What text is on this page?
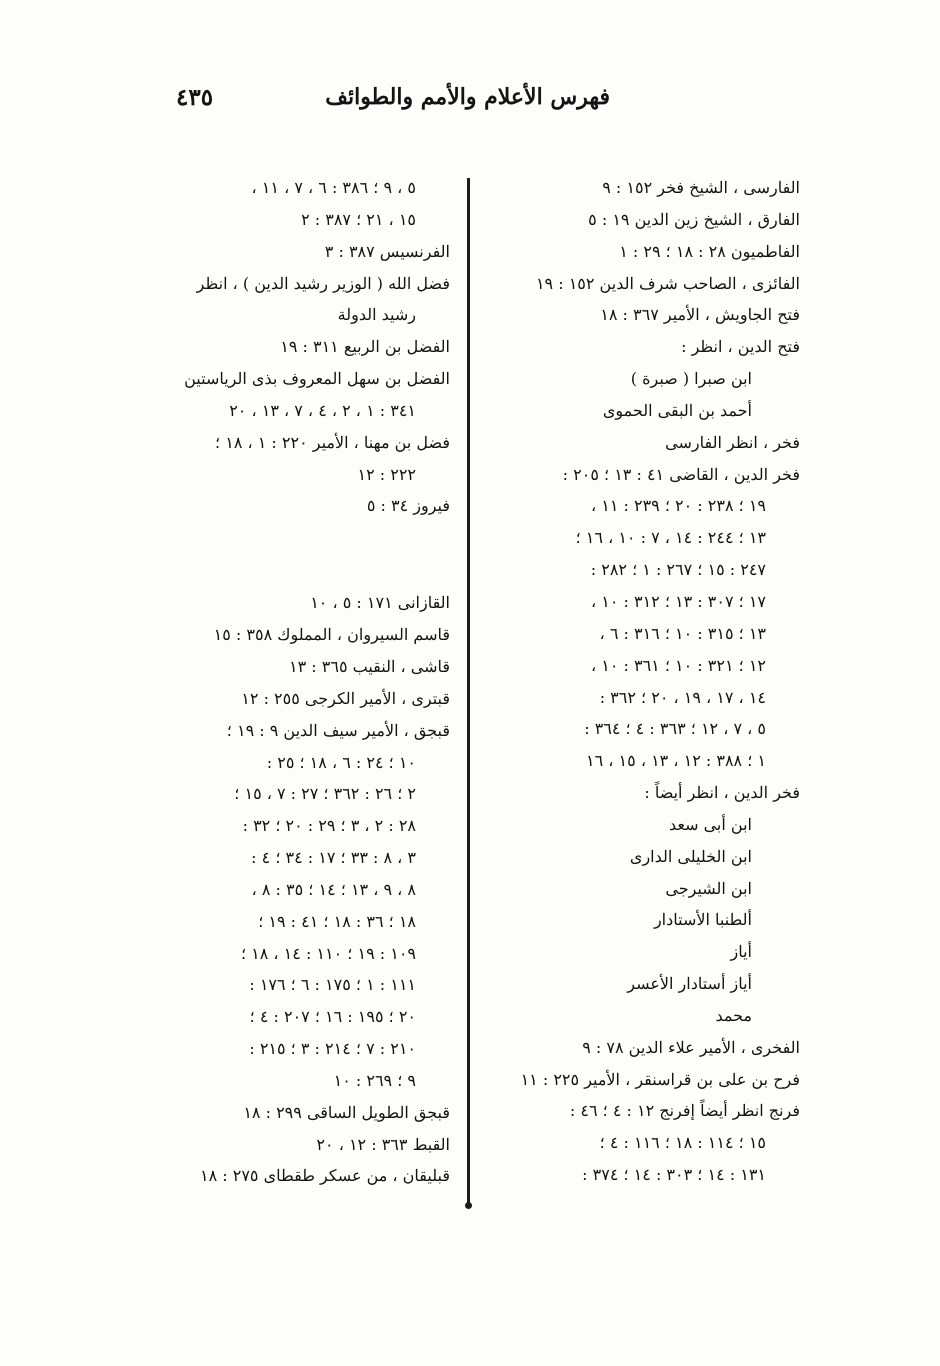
فهرس الأعلام والأمم والطوائف
٤٣٥
الفارسى ، الشيخ فخر ١٥٢ : ٩
الفارق ، الشيخ زين الدين ١٩ : ٥
الفاطميون ٢٨ : ١٨ ؛ ٢٩ : ١
الفائزى ، الصاحب شرف الدين ١٥٢ : ١٩
فتح الجاويش ، الأمير ٣٦٧ : ١٨
فتح الدين ، انظر :
ابن صبرا ( صبرة )
أحمد بن البقى الحموى
فخر ، انظر الفارسى
فخر الدين ، القاضى ٤١ : ١٣ ؛ ٢٠٥ :
١٩ ؛ ٢٣٨ : ٢٠ ؛ ٢٣٩ : ١١ ،
١٣ ؛ ٢٤٤ : ١٤ ، ٧ : ١٠ ، ١٦ ؛
٢٤٧ : ١٥ ؛ ٢٦٧ : ١ ؛ ٢٨٢ :
١٧ ؛ ٣٠٧ : ١٣ ؛ ٣١٢ : ١٠ ،
١٣ ؛ ٣١٥ : ١٠ ؛ ٣١٦ : ٦ ،
١٢ ؛ ٣٢١ : ١٠ ؛ ٣٦١ : ١٠ ،
١٤ ، ١٧ ، ١٩ ، ٢٠ ؛ ٣٦٢ :
٥ ، ٧ ، ١٢ ؛ ٣٦٣ : ٤ ؛ ٣٦٤ :
١ ؛ ٣٨٨ : ١٢ ، ١٣ ، ١٥ ، ١٦
فخر الدين ، انظر أيضاً :
ابن أبى سعد
ابن الخليلى الدارى
ابن الشيرجى
ألطنبا الأستادار
أياز
أياز أستادار الأعسر
محمد
الفخرى ، الأمير علاء الدين ٧٨ : ٩
فرح بن على بن قراسنقر ، الأمير ٢٢٥ : ١١
فرنج انظر أيضاً إفرنج ١٢ : ٤ ؛ ٤٦ :
١٥ ؛ ١١٤ : ١٨ ؛ ١١٦ : ٤ ؛
١٣١ : ١٤ ؛ ٣٠٣ : ١٤ ؛ ٣٧٤ :
٥ ، ٩ ؛ ٣٨٦ : ٦ ، ٧ ، ١١ ،
١٥ ، ٢١ ؛ ٣٨٧ : ٢
الفرنسيس ٣٨٧ : ٣
فضل الله ( الوزير رشيد الدين ) ، انظر
رشيد الدولة
الفضل بن الربيع ٣١١ : ١٩
الفضل بن سهل المعروف بذى الرياستين
٣٤١ : ١ ، ٢ ، ٤ ، ٧ ، ١٣ ، ٢٠
فضل بن مهنا ، الأمير ٢٢٠ : ١ ، ١٨ ؛
٢٢٢ : ١٢
فيروز ٣٤ : ٥
القازانى ١٧١ : ٥ ، ١٠
قاسم السيروان ، المملوك ٣٥٨ : ١٥
قاشى ، النقيب ٣٦٥ : ١٣
قبترى ، الأمير الكرجى ٢٥٥ : ١٢
قبجق ، الأمير سيف الدين ٩ : ١٩ ؛
١٠ ؛ ٢٤ : ٦ ، ١٨ ؛ ٢٥ :
٢ ؛ ٢٦ : ٣٦٢ ؛ ٢٧ : ٧ ، ١٥ ؛
٢٨ : ٢ ، ٣ ؛ ٢٩ : ٢٠ ؛ ٣٢ :
٣ ، ٨ : ٣٣ ؛ ١٧ : ٣٤ ؛ ٤ :
٨ ، ٩ ، ١٣ ؛ ١٤ ؛ ٣٥ : ٨ ،
١٨ ؛ ٣٦ : ١٨ ؛ ٤١ : ١٩ ؛
١٠٩ : ١٩ ؛ ١١٠ : ١٤ ، ١٨ ؛
١١١ : ١ ؛ ١٧٥ : ٦ ؛ ١٧٦ :
٢٠ ؛ ١٩٥ : ١٦ ؛ ٢٠٧ : ٤ ؛
٢١٠ : ٧ ؛ ٢١٤ : ٣ ؛ ٢١٥ :
٩ ؛ ٢٦٩ : ١٠
قبجق الطويل الساقى ٢٩٩ : ١٨
القبط ٣٦٣ : ١٢ ، ٢٠
قبليقان ، من عسكر طقطاى ٢٧٥ : ١٨
